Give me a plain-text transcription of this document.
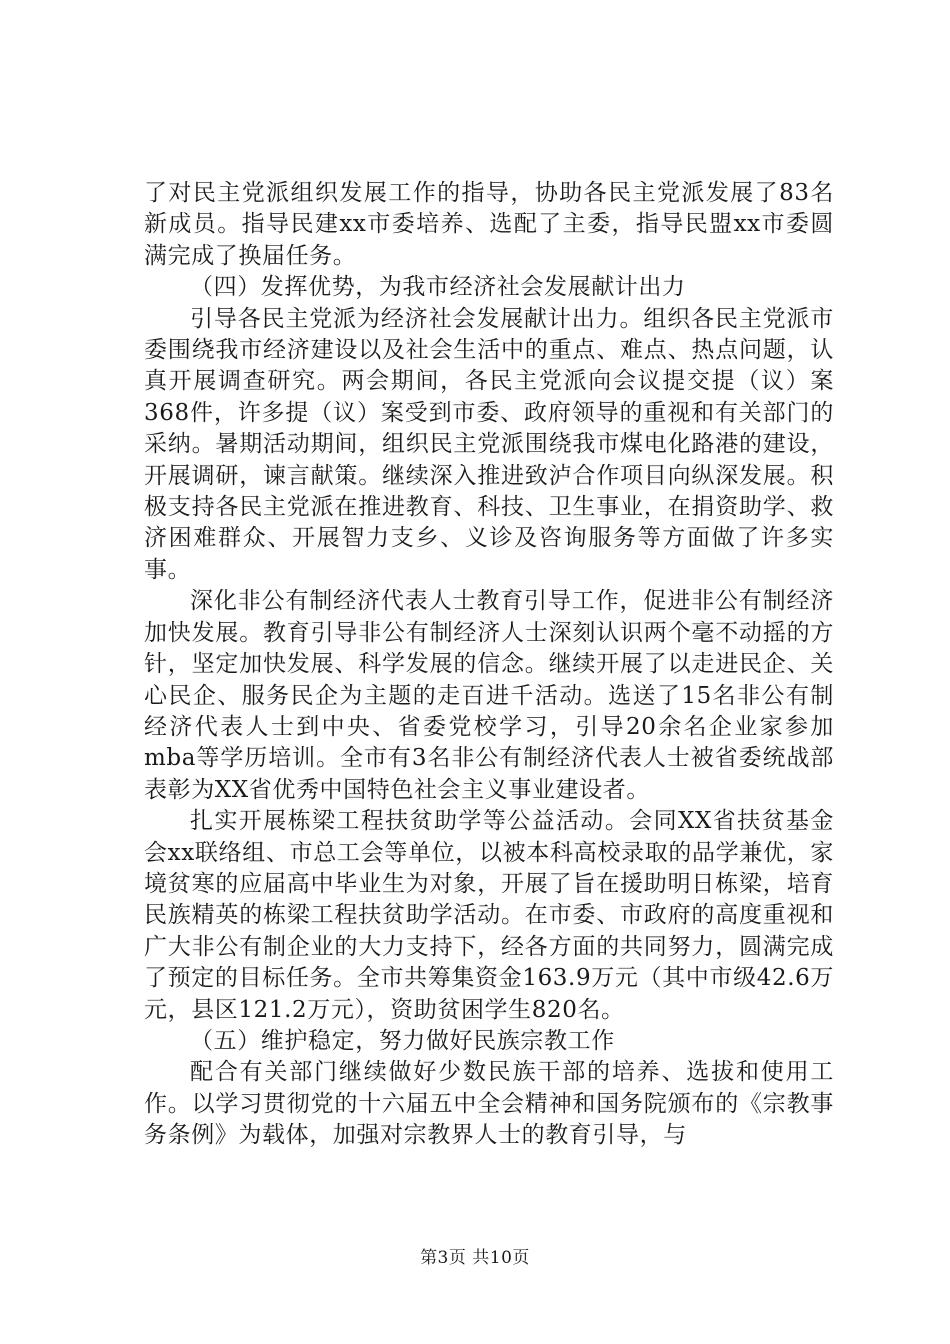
了对民主党派组织发展工作的指导，协助各民主党派发展了83名新成员。指导民建xx市委培养、选配了主委，指导民盟xx市委圆满完成了换届任务。

（四）发挥优势，为我市经济社会发展献计出力

引导各民主党派为经济社会发展献计出力。组织各民主党派市委围绕我市经济建设以及社会生活中的重点、难点、热点问题，认真开展调查研究。两会期间，各民主党派向会议提交提（议）案368件，许多提（议）案受到市委、政府领导的重视和有关部门的采纳。暑期活动期间，组织民主党派围绕我市煤电化路港的建设，开展调研，谏言献策。继续深入推进致泸合作项目向纵深发展。积极支持各民主党派在推进教育、科技、卫生事业，在捐资助学、救济困难群众、开展智力支乡、义诊及咨询服务等方面做了许多实事。

深化非公有制经济代表人士教育引导工作，促进非公有制经济加快发展。教育引导非公有制经济人士深刻认识两个毫不动摇的方针，坚定加快发展、科学发展的信念。继续开展了以走进民企、关心民企、服务民企为主题的走百进千活动。选送了15名非公有制经济代表人士到中央、省委党校学习，引导20余名企业家参加mba等学历培训。全市有3名非公有制经济代表人士被省委统战部表彰为XX省优秀中国特色社会主义事业建设者。

扎实开展栋梁工程扶贫助学等公益活动。会同XX省扶贫基金会xx联络组、市总工会等单位，以被本科高校录取的品学兼优，家境贫寒的应届高中毕业生为对象，开展了旨在援助明日栋梁，培育民族精英的栋梁工程扶贫助学活动。在市委、市政府的高度重视和广大非公有制企业的大力支持下，经各方面的共同努力，圆满完成了预定的目标任务。全市共筹集资金163.9万元（其中市级42.6万元，县区121.2万元），资助贫困学生820名。

（五）维护稳定，努力做好民族宗教工作

配合有关部门继续做好少数民族干部的培养、选拔和使用工作。以学习贯彻党的十六届五中全会精神和国务院颁布的《宗教事务条例》为载体，加强对宗教界人士的教育引导，与

第3页 共10页
